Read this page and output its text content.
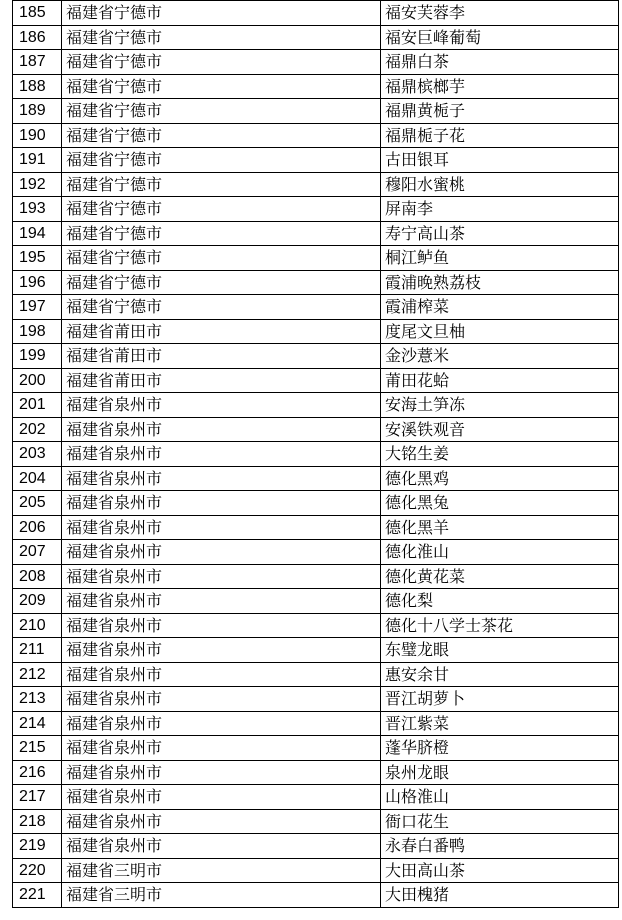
185	福建省宁德市	福安芙蓉李
186	福建省宁德市	福安巨峰葡萄
187	福建省宁德市	福鼎白茶
188	福建省宁德市	福鼎槟榔芋
189	福建省宁德市	福鼎黄栀子
190	福建省宁德市	福鼎栀子花
191	福建省宁德市	古田银耳
192	福建省宁德市	穆阳水蜜桃
193	福建省宁德市	屏南李
194	福建省宁德市	寿宁高山茶
195	福建省宁德市	桐江鲈鱼
196	福建省宁德市	霞浦晚熟荔枝
197	福建省宁德市	霞浦榨菜
198	福建省莆田市	度尾文旦柚
199	福建省莆田市	金沙薏米
200	福建省莆田市	莆田花蛤
201	福建省泉州市	安海土笋冻
202	福建省泉州市	安溪铁观音
203	福建省泉州市	大铭生姜
204	福建省泉州市	德化黑鸡
205	福建省泉州市	德化黑兔
206	福建省泉州市	德化黑羊
207	福建省泉州市	德化淮山
208	福建省泉州市	德化黄花菜
209	福建省泉州市	德化梨
210	福建省泉州市	德化十八学士茶花
211	福建省泉州市	东璧龙眼
212	福建省泉州市	惠安余甘
213	福建省泉州市	晋江胡萝卜
214	福建省泉州市	晋江紫菜
215	福建省泉州市	蓬华脐橙
216	福建省泉州市	泉州龙眼
217	福建省泉州市	山格淮山
218	福建省泉州市	衙口花生
219	福建省泉州市	永春白番鸭
220	福建省三明市	大田高山茶
221	福建省三明市	大田槐猪
